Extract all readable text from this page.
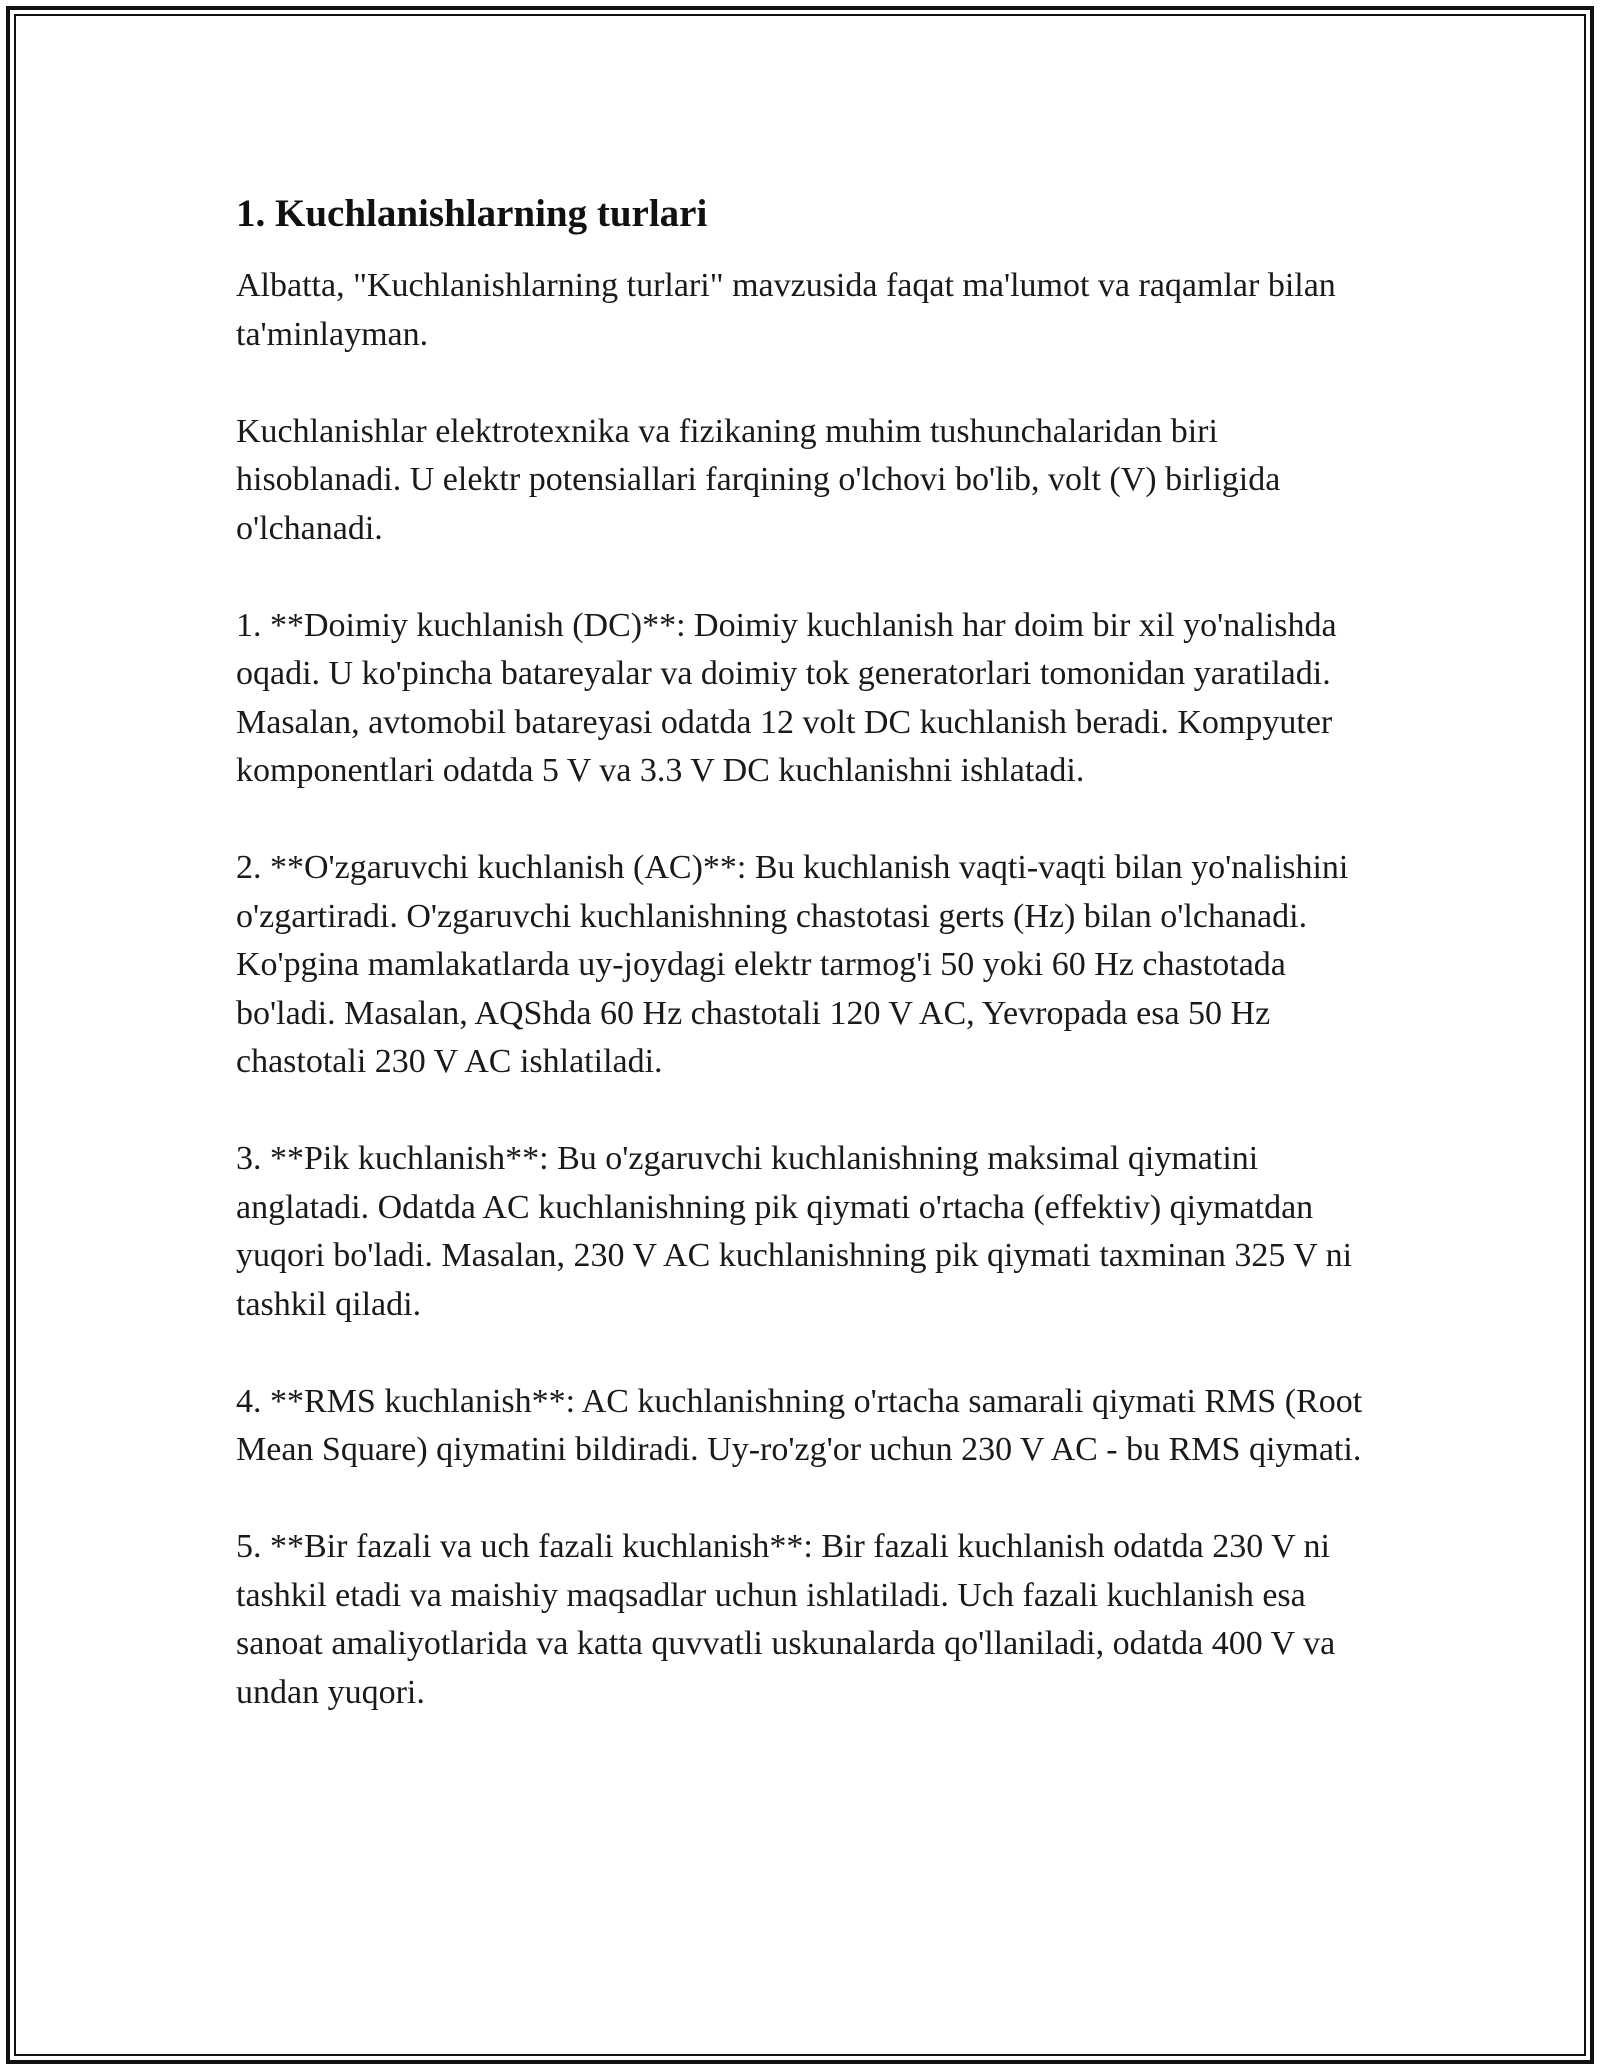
1. Kuchlanishlarning turlari

Albatta, "Kuchlanishlarning turlari" mavzusida faqat ma'lumot va raqamlar bilan ta'minlayman.

Kuchlanishlar elektrotexnika va fizikaning muhim tushunchalaridan biri hisoblanadi. U elektr potensiallari farqining o'lchovi bo'lib, volt (V) birligida o'lchanadi.

1. **Doimiy kuchlanish (DC)**: Doimiy kuchlanish har doim bir xil yo'nalishda oqadi. U ko'pincha batareyalar va doimiy tok generatorlari tomonidan yaratiladi. Masalan, avtomobil batareyasi odatda 12 volt DC kuchlanish beradi. Kompyuter komponentlari odatda 5 V va 3.3 V DC kuchlanishni ishlatadi.

2. **O'zgaruvchi kuchlanish (AC)**: Bu kuchlanish vaqti-vaqti bilan yo'nalishini o'zgartiradi. O'zgaruvchi kuchlanishning chastotasi gerts (Hz) bilan o'lchanadi. Ko'pgina mamlakatlarda uy-joydagi elektr tarmog'i 50 yoki 60 Hz chastotada bo'ladi. Masalan, AQShda 60 Hz chastotali 120 V AC, Yevropada esa 50 Hz chastotali 230 V AC ishlatiladi.

3. **Pik kuchlanish**: Bu o'zgaruvchi kuchlanishning maksimal qiymatini anglatadi. Odatda AC kuchlanishning pik qiymati o'rtacha (effektiv) qiymatdan yuqori bo'ladi. Masalan, 230 V AC kuchlanishning pik qiymati taxminan 325 V ni tashkil qiladi.

4. **RMS kuchlanish**: AC kuchlanishning o'rtacha samarali qiymati RMS (Root Mean Square) qiymatini bildiradi. Uy-ro'zg'or uchun 230 V AC - bu RMS qiymati.

5. **Bir fazali va uch fazali kuchlanish**: Bir fazali kuchlanish odatda 230 V ni tashkil etadi va maishiy maqsadlar uchun ishlatiladi. Uch fazali kuchlanish esa sanoat amaliyotlarida va katta quvvatli uskunalarda qo'llaniladi, odatda 400 V va undan yuqori.
